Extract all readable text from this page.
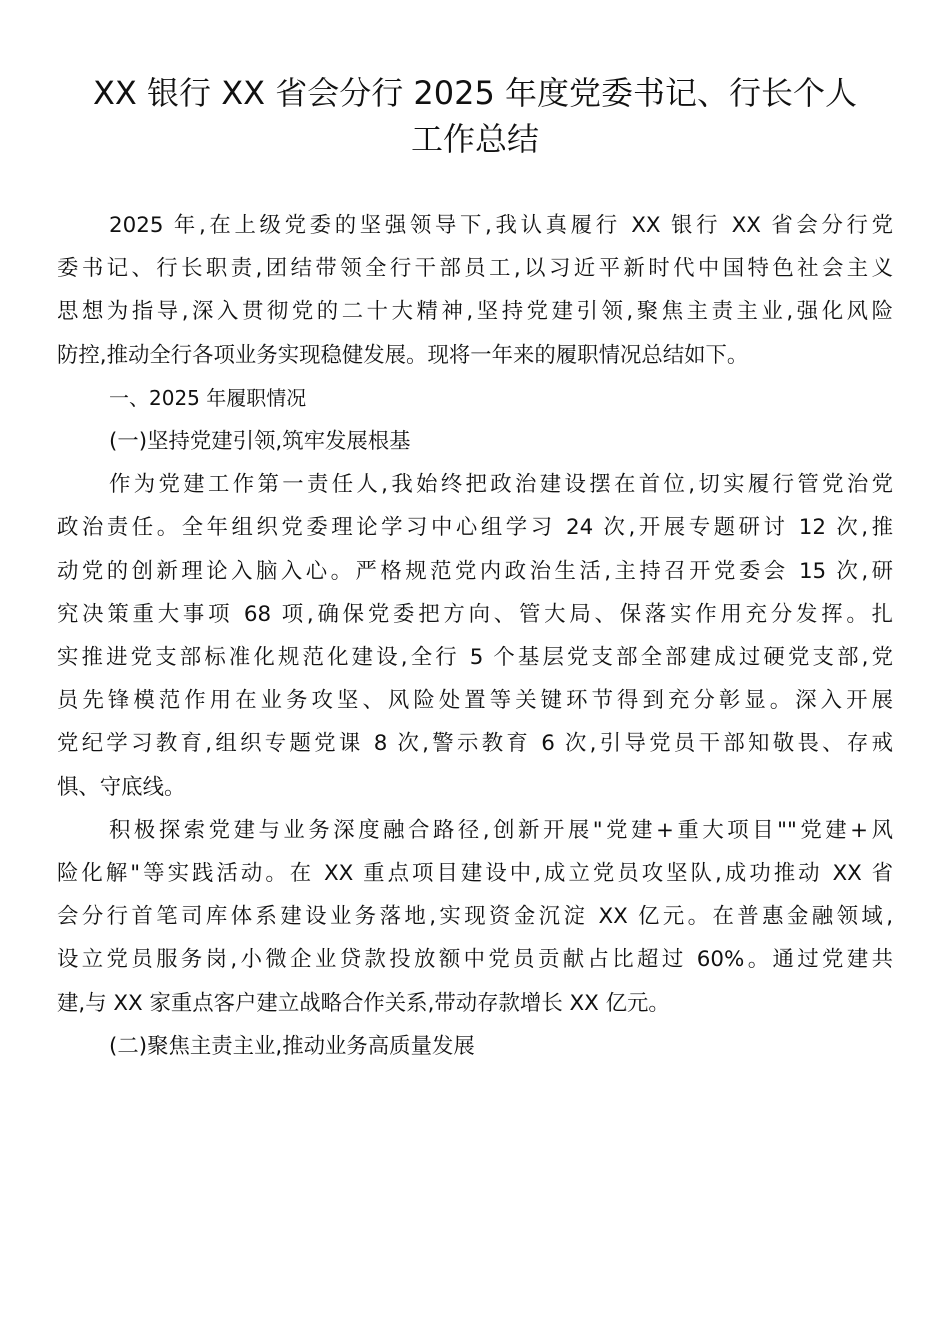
XX 银行 XX 省会分行 2025 年度党委书记、行长个人
工作总结

2025 年,在上级党委的坚强领导下,我认真履行 XX 银行 XX 省会分行党
委书记、行长职责,团结带领全行干部员工,以习近平新时代中国特色社会主义
思想为指导,深入贯彻党的二十大精神,坚持党建引领,聚焦主责主业,强化风险
防控,推动全行各项业务实现稳健发展。现将一年来的履职情况总结如下。

一、2025 年履职情况

(一)坚持党建引领,筑牢发展根基

作为党建工作第一责任人,我始终把政治建设摆在首位,切实履行管党治党
政治责任。全年组织党委理论学习中心组学习 24 次,开展专题研讨 12 次,推
动党的创新理论入脑入心。严格规范党内政治生活,主持召开党委会 15 次,研
究决策重大事项 68 项,确保党委把方向、管大局、保落实作用充分发挥。扎
实推进党支部标准化规范化建设,全行 5 个基层党支部全部建成过硬党支部,党
员先锋模范作用在业务攻坚、风险处置等关键环节得到充分彰显。深入开展
党纪学习教育,组织专题党课 8 次,警示教育 6 次,引导党员干部知敬畏、存戒
惧、守底线。

积极探索党建与业务深度融合路径,创新开展"党建+重大项目""党建+风
险化解"等实践活动。在 XX 重点项目建设中,成立党员攻坚队,成功推动 XX 省
会分行首笔司库体系建设业务落地,实现资金沉淀 XX 亿元。在普惠金融领域,
设立党员服务岗,小微企业贷款投放额中党员贡献占比超过 60%。通过党建共
建,与 XX 家重点客户建立战略合作关系,带动存款增长 XX 亿元。

(二)聚焦主责主业,推动业务高质量发展
